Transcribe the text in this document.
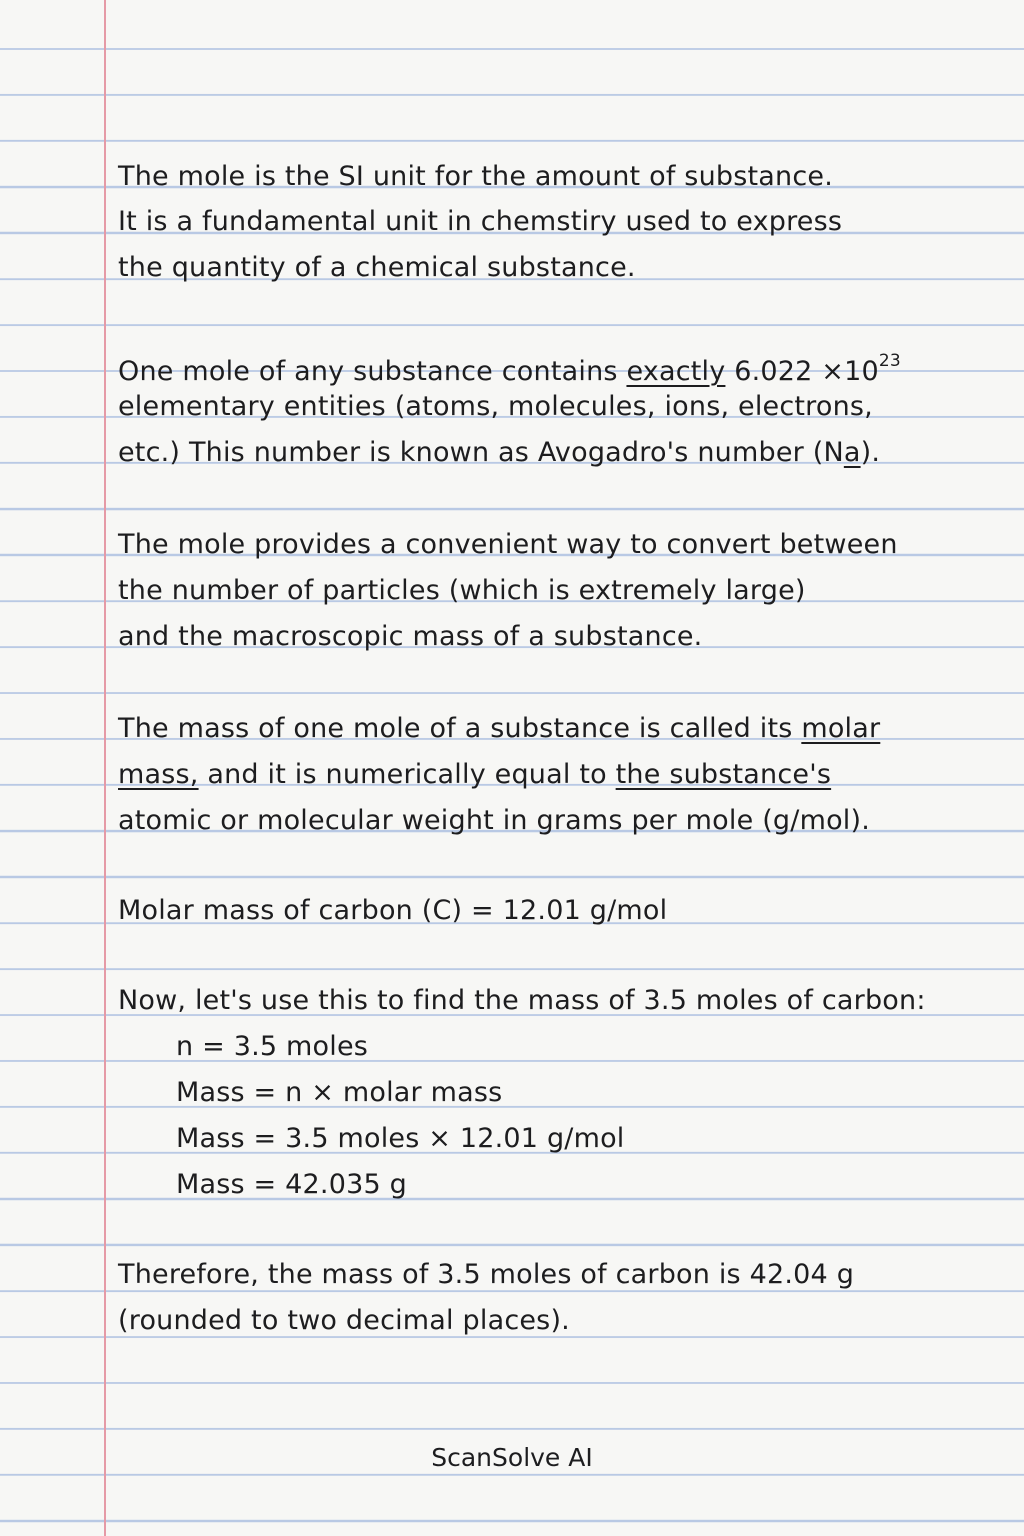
The mole is the SI unit for the amount of substance.
It is a fundamental unit in chemstiry used to express
the quantity of a chemical substance.
One mole of any substance contains exactly $6.022 \times 10^{23}$
elementary entities (atoms, molecules, ions, electrons,
etc.) This number is known as Avogadro's number (Na).
The mole provides a convenient way to convert between
the number of particles (which is extremely large)
and the macroscopic mass of a substance.
The mass of one mole of a substance is called its molar
mass, and it is numerically equal to the substance's
atomic or molecular weight in grams per mole (g/mol).
Molar mass of carbon (C) = 12.01 g/mol
Now, let's use this to find the mass of 3.5 moles of carbon:
n = 3.5 moles
Mass = n × molar mass
Mass = 3.5 moles × 12.01 g/mol
Mass = 42.035 g
Therefore, the mass of 3.5 moles of carbon is 42.04 g
(rounded to two decimal places).
ScanSolve AI
